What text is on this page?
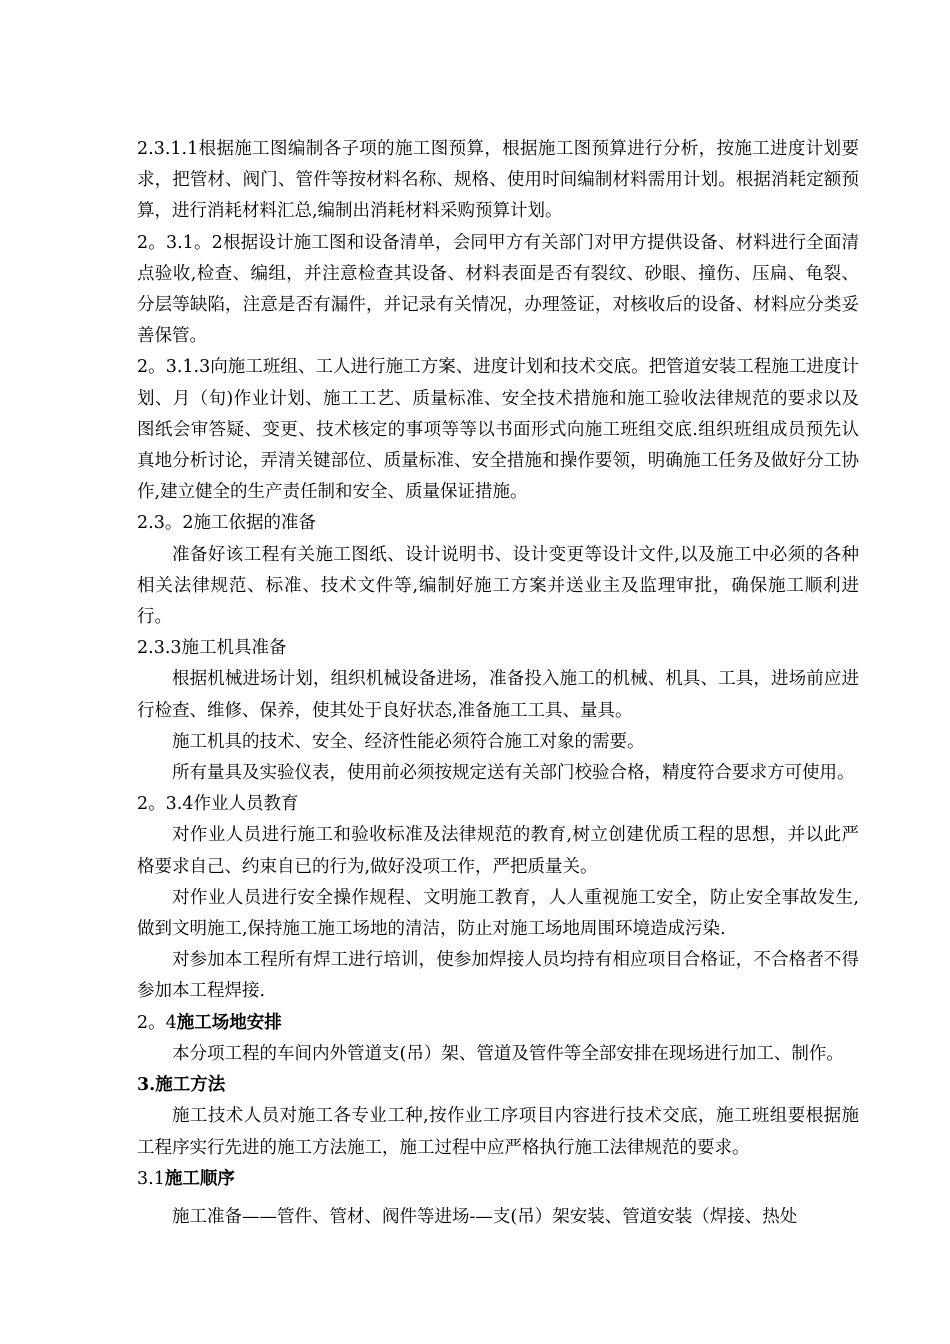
2.3.1.1根据施工图编制各子项的施工图预算，根据施工图预算进行分析，按施工进度计划要求，把管材、阀门、管件等按材料名称、规格、使用时间编制材料需用计划。根据消耗定额预算，进行消耗材料汇总,编制出消耗材料采购预算计划。

2。3.1。2根据设计施工图和设备清单，会同甲方有关部门对甲方提供设备、材料进行全面清点验收,检查、编组，并注意检查其设备、材料表面是否有裂纹、砂眼、撞伤、压扁、龟裂、分层等缺陷，注意是否有漏件，并记录有关情况，办理签证，对核收后的设备、材料应分类妥善保管。

2。3.1.3向施工班组、工人进行施工方案、进度计划和技术交底。把管道安装工程施工进度计划、月（旬)作业计划、施工工艺、质量标准、安全技术措施和施工验收法律规范的要求以及图纸会审答疑、变更、技术核定的事项等等以书面形式向施工班组交底.组织班组成员预先认真地分析讨论，弄清关键部位、质量标准、安全措施和操作要领，明确施工任务及做好分工协作,建立健全的生产责任制和安全、质量保证措施。

2.3。2施工依据的准备

准备好该工程有关施工图纸、设计说明书、设计变更等设计文件,以及施工中必须的各种相关法律规范、标准、技术文件等,编制好施工方案并送业主及监理审批，确保施工顺利进行。

2.3.3施工机具准备

根据机械进场计划，组织机械设备进场，准备投入施工的机械、机具、工具，进场前应进行检查、维修、保养，使其处于良好状态,准备施工工具、量具。

施工机具的技术、安全、经济性能必须符合施工对象的需要。

所有量具及实验仪表，使用前必须按规定送有关部门校验合格，精度符合要求方可使用。

2。3.4作业人员教育

对作业人员进行施工和验收标准及法律规范的教育,树立创建优质工程的思想，并以此严格要求自己、约束自已的行为,做好没项工作，严把质量关。

对作业人员进行安全操作规程、文明施工教育，人人重视施工安全，防止安全事故发生,做到文明施工,保持施工施工场地的清洁，防止对施工场地周围环境造成污染.

对参加本工程所有焊工进行培训，使参加焊接人员均持有相应项目合格证，不合格者不得参加本工程焊接.

2。4施工场地安排

本分项工程的车间内外管道支(吊）架、管道及管件等全部安排在现场进行加工、制作。

3.施工方法

施工技术人员对施工各专业工种,按作业工序项目内容进行技术交底，施工班组要根据施工程序实行先进的施工方法施工，施工过程中应严格执行施工法律规范的要求。

3.1施工顺序

施工准备——管件、管材、阀件等进场-—支(吊）架安装、管道安装（焊接、热处
